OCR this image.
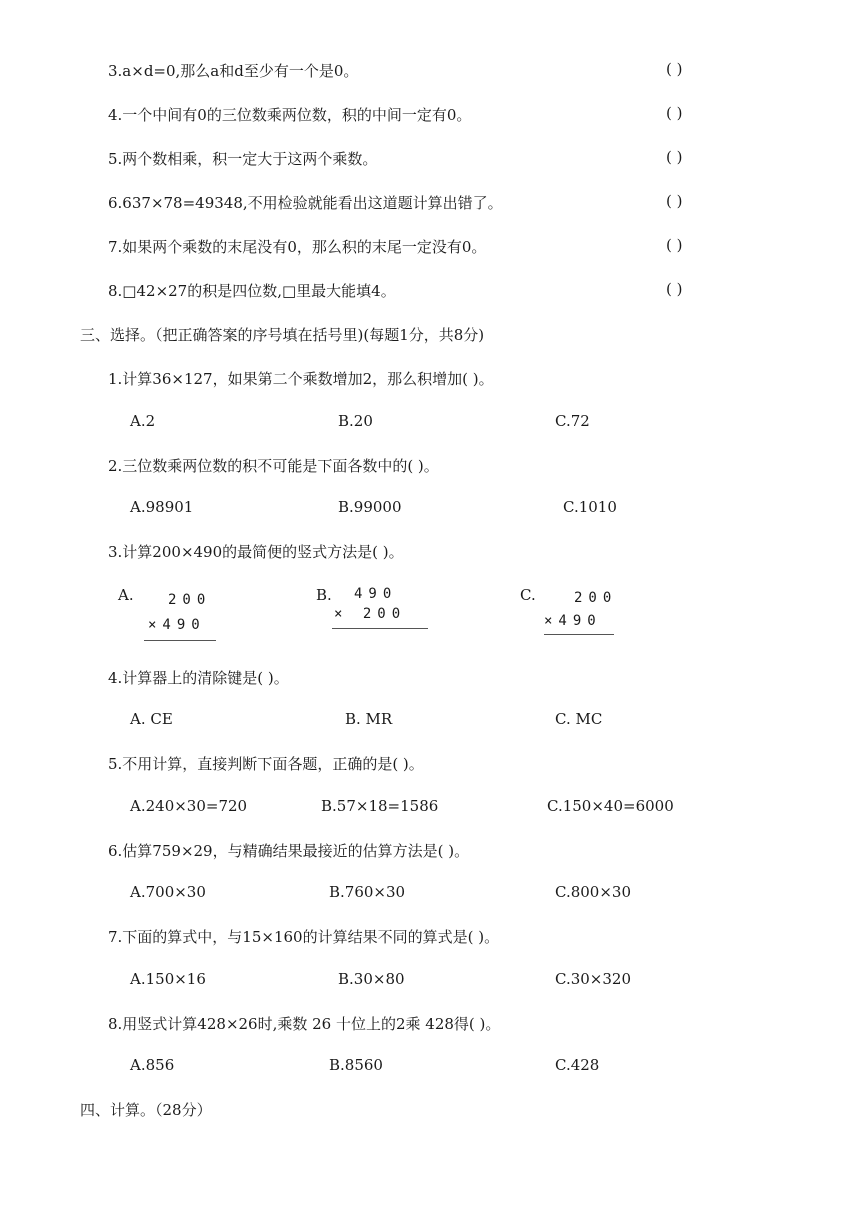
3.a×d=0,那么a和d至少有一个是0。	( )
4.一个中间有0的三位数乘两位数，积的中间一定有0。	( )
5.两个数相乘，积一定大于这两个乘数。	( )
6.637×78=49348,不用检验就能看出这道题计算出错了。	( )
7.如果两个乘数的末尾没有0，那么积的末尾一定没有0。	( )
8.□42×27的积是四位数,□里最大能填4。	( )
三、选择。（把正确答案的序号填在括号里)(每题1分，共8分)
1.计算36×127，如果第二个乘数增加2，那么积增加( )。
A.2	B.20	C.72
2.三位数乘两位数的积不可能是下面各数中的( )。
A.98901	B.99000	C.1010
3.计算200×490的最简便的竖式方法是( )。
A. 200
×490
B. 490
× 200
C.	200
×490
4.计算器上的清除键是( )。
A. CE	B. MR	C. MC
5.不用计算，直接判断下面各题，正确的是( )。
A.240×30=720	B.57×18=1586	C.150×40=6000
6.估算759×29，与精确结果最接近的估算方法是( )。
A.700×30	B.760×30	C.800×30
7.下面的算式中，与15×160的计算结果不同的算式是( )。
A.150×16	B.30×80	C.30×320
8.用竖式计算428×26时,乘数 26 十位上的2乘 428得( )。
A.856	B.8560	C.428
四、计算。（28分）
